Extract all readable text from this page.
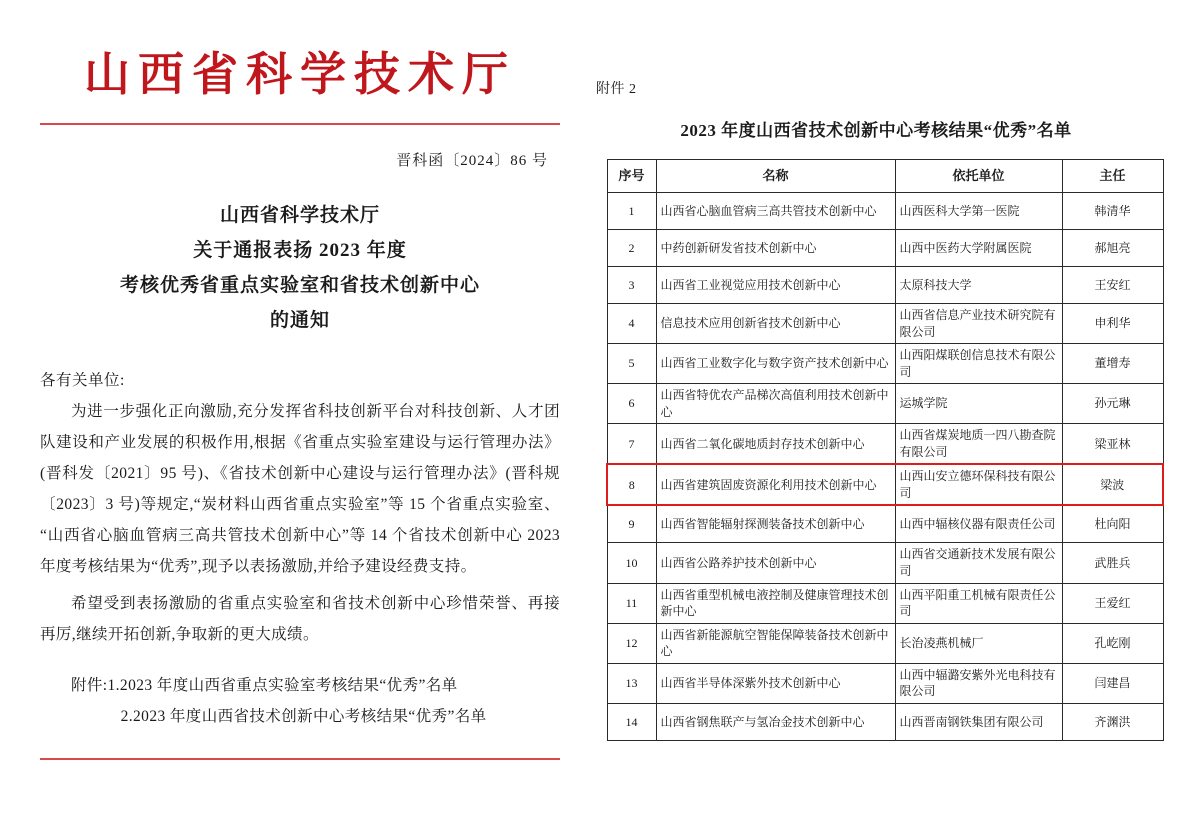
山西省科学技术厅
晋科函〔2024〕86 号
山西省科学技术厅
关于通报表扬 2023 年度
考核优秀省重点实验室和省技术创新中心
的通知
各有关单位:
为进一步强化正向激励,充分发挥省科技创新平台对科技创新、人才团队建设和产业发展的积极作用,根据《省重点实验室建设与运行管理办法》(晋科发〔2021〕95 号)、《省技术创新中心建设与运行管理办法》(晋科规〔2023〕3 号)等规定,“炭材料山西省重点实验室”等 15 个省重点实验室、“山西省心脑血管病三高共管技术创新中心”等 14 个省技术创新中心 2023 年度考核结果为“优秀”,现予以表扬激励,并给予建设经费支持。
希望受到表扬激励的省重点实验室和省技术创新中心珍惜荣誉、再接再厉,继续开拓创新,争取新的更大成绩。
附件:1.2023 年度山西省重点实验室考核结果“优秀”名单
2.2023 年度山西省技术创新中心考核结果“优秀”名单
附件 2
2023 年度山西省技术创新中心考核结果“优秀”名单
序号	名称	依托单位	主任
1	山西省心脑血管病三高共管技术创新中心	山西医科大学第一医院	韩清华
2	中药创新研发省技术创新中心	山西中医药大学附属医院	郝旭亮
3	山西省工业视觉应用技术创新中心	太原科技大学	王安红
4	信息技术应用创新省技术创新中心	山西省信息产业技术研究院有限公司	申利华
5	山西省工业数字化与数字资产技术创新中心	山西阳煤联创信息技术有限公司	董增寿
6	山西省特优农产品梯次高值利用技术创新中心	运城学院	孙元琳
7	山西省二氧化碳地质封存技术创新中心	山西省煤炭地质一四八勘查院有限公司	梁亚林
8	山西省建筑固废资源化利用技术创新中心	山西山安立德环保科技有限公司	梁波
9	山西省智能辐射探测装备技术创新中心	山西中辐核仪器有限责任公司	杜向阳
10	山西省公路养护技术创新中心	山西省交通新技术发展有限公司	武胜兵
11	山西省重型机械电液控制及健康管理技术创新中心	山西平阳重工机械有限责任公司	王爱红
12	山西省新能源航空智能保障装备技术创新中心	长治凌燕机械厂	孔屹刚
13	山西省半导体深紫外技术创新中心	山西中辐潞安紫外光电科技有限公司	闫建昌
14	山西省钢焦联产与氢冶金技术创新中心	山西晋南钢铁集团有限公司	齐渊洪
